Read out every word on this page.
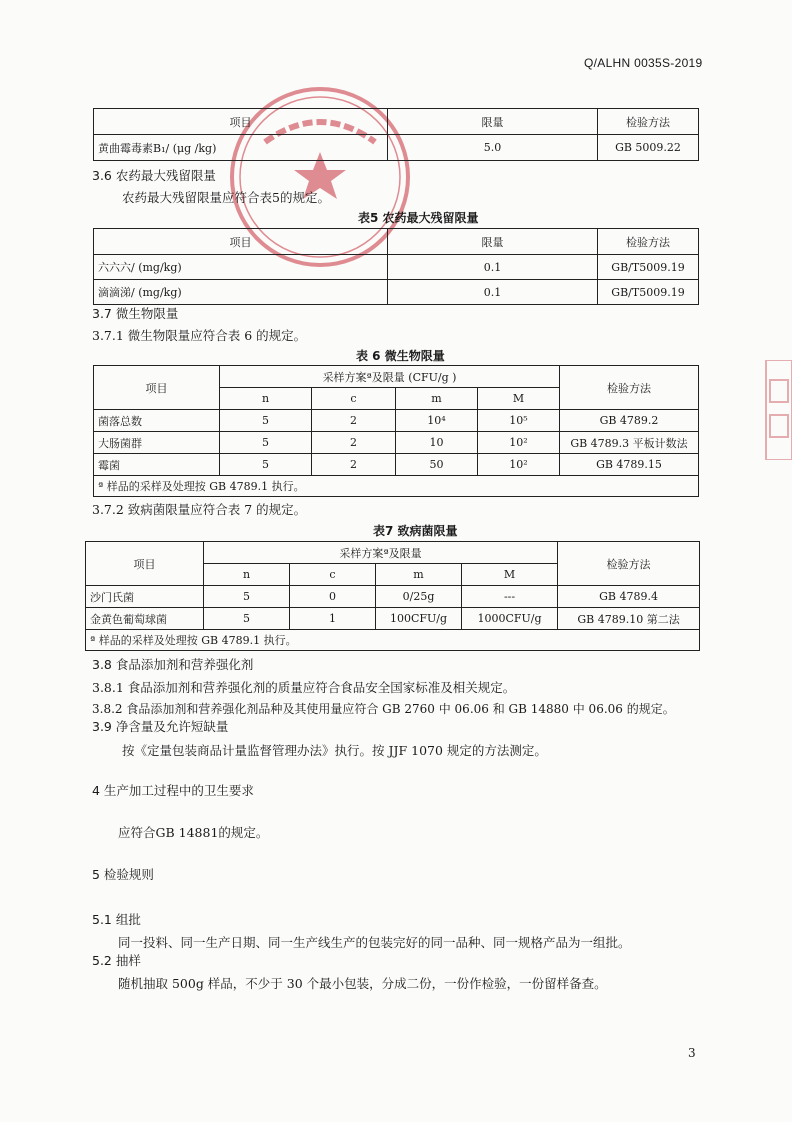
Q/ALHN 0035S-2019
项目	限量	检验方法
黄曲霉毒素B₁/ (μg /kg)	5.0	GB 5009.22
3.6 农药最大残留限量
农药最大残留限量应符合表5的规定。
表5 农药最大残留限量
项目	限量	检验方法
六六六/ (mg/kg)	0.1	GB/T5009.19
滴滴涕/ (mg/kg)	0.1	GB/T5009.19
3.7 微生物限量
3.7.1 微生物限量应符合表 6 的规定。
表 6 微生物限量
项目	采样方案ª及限量 (CFU/g )				检验方法
	n	c	m	M	
菌落总数	5	2	10⁴	10⁵	GB 4789.2
大肠菌群	5	2	10	10²	GB 4789.3 平板计数法
霉菌	5	2	50	10²	GB 4789.15
ª 样品的采样及处理按 GB 4789.1 执行。					
3.7.2 致病菌限量应符合表 7 的规定。
表7 致病菌限量
项目	采样方案ª及限量				检验方法
	n	c	m	M	
沙门氏菌	5	0	0/25g	---	GB 4789.4
金黄色葡萄球菌	5	1	100CFU/g	1000CFU/g	GB 4789.10 第二法
ª 样品的采样及处理按 GB 4789.1 执行。					
3.8 食品添加剂和营养强化剂
3.8.1 食品添加剂和营养强化剂的质量应符合食品安全国家标准及相关规定。
3.8.2 食品添加剂和营养强化剂品种及其使用量应符合 GB 2760 中 06.06 和 GB 14880 中 06.06 的规定。
3.9 净含量及允许短缺量
按《定量包装商品计量监督管理办法》执行。按 JJF 1070 规定的方法测定。
4 生产加工过程中的卫生要求
应符合GB 14881的规定。
5 检验规则
5.1 组批
同一投料、同一生产日期、同一生产线生产的包装完好的同一品种、同一规格产品为一组批。
5.2 抽样
随机抽取 500g 样品，不少于 30 个最小包装，分成二份，一份作检验，一份留样备查。
3
